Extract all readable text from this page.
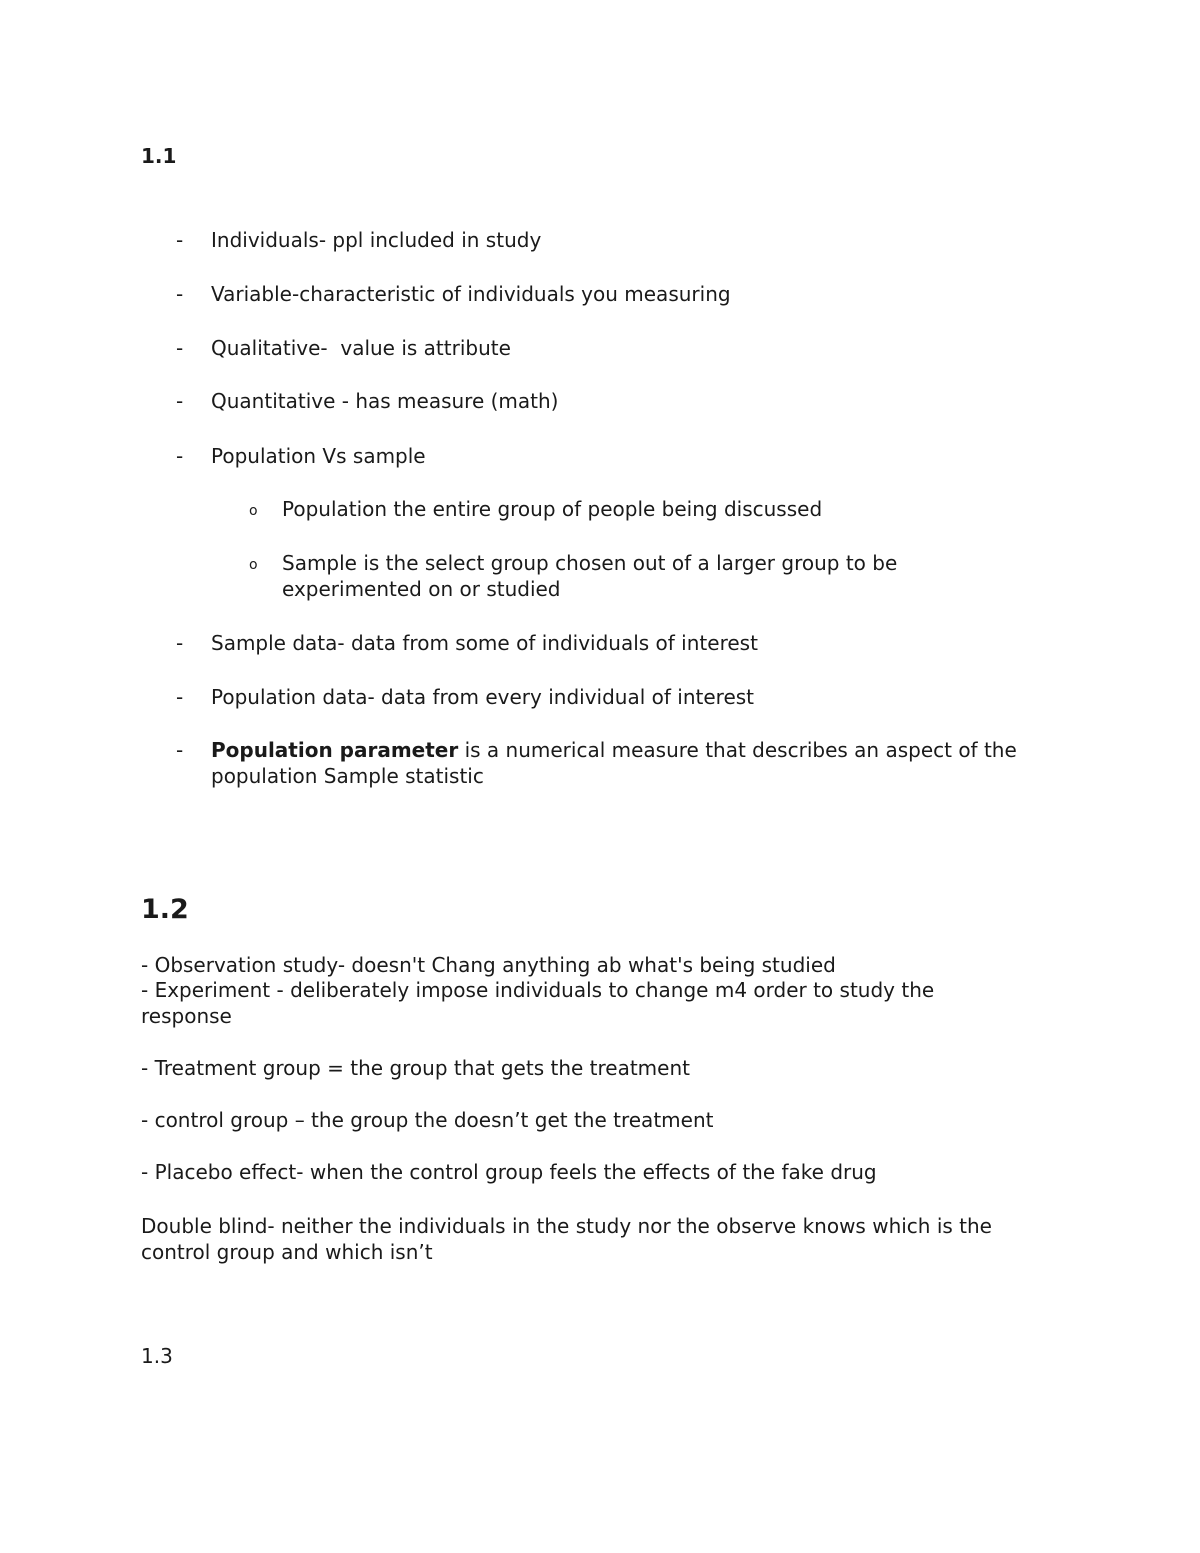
1.1
- Individuals- ppl included in study
- Variable-characteristic of individuals you measuring
- Qualitative-  value is attribute
- Quantitative - has measure (math)
- Population Vs sample
o Population the entire group of people being discussed
o Sample is the select group chosen out of a larger group to be experimented on or studied
- Sample data- data from some of individuals of interest
- Population data- data from every individual of interest
- Population parameter is a numerical measure that describes an aspect of the population Sample statistic
1.2
- Observation study- doesn't Chang anything ab what's being studied
- Experiment - deliberately impose individuals to change m4 order to study the response
- Treatment group = the group that gets the treatment
- control group – the group the doesn’t get the treatment
- Placebo effect- when the control group feels the effects of the fake drug
Double blind- neither the individuals in the study nor the observe knows which is the control group and which isn’t
1.3
